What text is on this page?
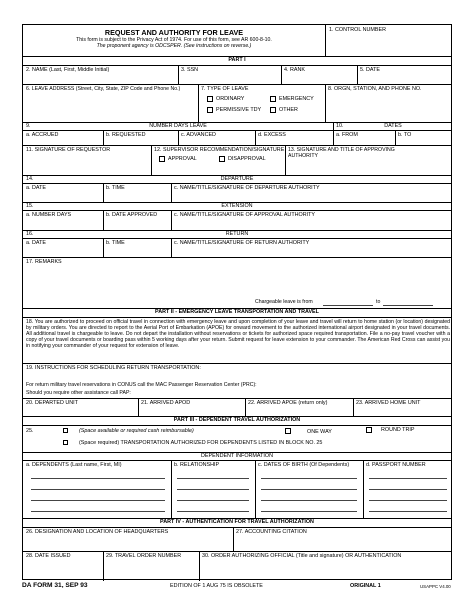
REQUEST AND AUTHORITY FOR LEAVE
This form is subject to the Privacy Act of 1974. For use of this form, see AR 600-8-10.
The proponent agency is ODCSPER. (See instructions on reverse.)
1. CONTROL NUMBER
PART I
2. NAME (Last, First, Middle Initial)	3. SSN	4. RANK	5. DATE
6. LEAVE ADDRESS (Street, City, State, ZIP Code and Phone No.)	7. TYPE OF LEAVE
ORDINARY	EMERGENCY
PERMISSIVE TDY	OTHER
8. ORGN, STATION, AND PHONE NO.
9.	NUMBER DAYS LEAVE	10.	DATES
a. ACCRUED	b. REQUESTED	c. ADVANCED	d. EXCESS	a. FROM	b. TO
11. SIGNATURE OF REQUESTOR	12. SUPERVISOR RECOMMENDATION/SIGNATURE
APPROVAL	DISAPPROVAL
13. SIGNATURE AND TITLE OF APPROVING AUTHORITY
14.	DEPARTURE
a. DATE	b. TIME	c. NAME/TITLE/SIGNATURE OF DEPARTURE AUTHORITY
15.	EXTENSION
a. NUMBER DAYS	b. DATE APPROVED	c. NAME/TITLE/SIGNATURE OF APPROVAL AUTHORITY
16.	RETURN
a. DATE	b. TIME	c. NAME/TITLE/SIGNATURE OF RETURN AUTHORITY
17. REMARKS
Chargeable leave is from	to
PART II - EMERGENCY LEAVE TRANSPORTATION AND TRAVEL
18. You are authorized to proceed on official travel in connection with emergency leave and upon completion of your leave and travel will return to home station (or location) designated by military orders. You are directed to report to the Aerial Port of Embarkation (APOE) for onward movement to the authorized international airport designated in your travel documents. All additional travel is chargeable to leave. Do not depart the installation without reservations or tickets for authorized space required transportation. File a no-pay travel voucher with a copy of your travel documents or boarding pass within 5 working days after your return. Submit request for leave extension to your commander. The American Red Cross can assist you in notifying your commander of your request for extension of leave.
19. INSTRUCTIONS FOR SCHEDULING RETURN TRANSPORTATION:
For return military travel reservations in CONUS call the MAC Passenger Reservation Center (PRC):
Should you require other assistance call PAP:
20. DEPARTED UNIT	21. ARRIVED APOD	22. ARRIVED APOE (return only)	23. ARRIVED HOME UNIT
PART III - DEPENDENT TRAVEL AUTHORIZATION
25.	(Space available or required cash reimbursable)	ONE WAY	ROUND TRIP
(Space required) TRANSPORTATION AUTHORIZED FOR DEPENDENTS LISTED IN BLOCK NO. 25
DEPENDENT INFORMATION
a. DEPENDENTS (Last name, First, MI)	b. RELATIONSHIP	c. DATES OF BIRTH (Of Dependents)	d. PASSPORT NUMBER
PART IV - AUTHENTICATION FOR TRAVEL AUTHORIZATION
26. DESIGNATION AND LOCATION OF HEADQUARTERS	27. ACCOUNTING CITATION
28. DATE ISSUED	29. TRAVEL ORDER NUMBER	30. ORDER AUTHORIZING OFFICIAL (Title and signature) OR AUTHENTICATION
DA FORM 31, SEP 93	EDITION OF 1 AUG 75 IS OBSOLETE	ORIGINAL 1	USAPPC V4.00
